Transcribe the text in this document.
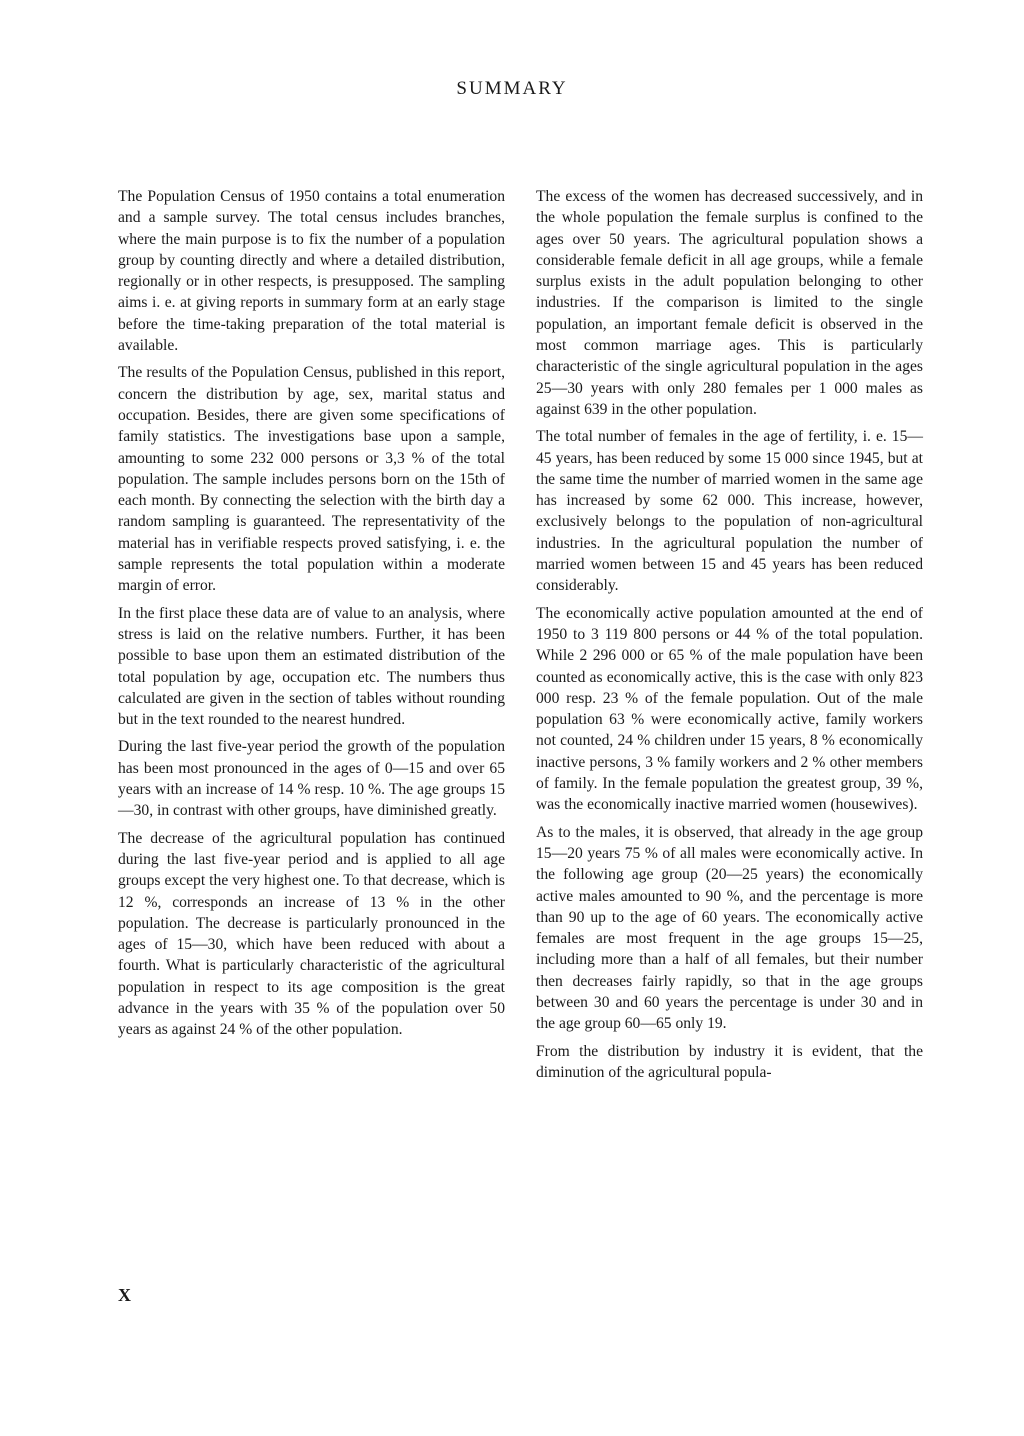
SUMMARY

The Population Census of 1950 contains a total enumeration and a sample survey. The total census includes branches, where the main purpose is to fix the number of a population group by counting directly and where a detailed distribution, regionally or in other respects, is presupposed. The sampling aims i. e. at giving reports in summary form at an early stage before the time-taking preparation of the total material is available.

The results of the Population Census, published in this report, concern the distribution by age, sex, marital status and occupation. Besides, there are given some specifications of family statistics. The investigations base upon a sample, amounting to some 232 000 persons or 3,3 % of the total population. The sample includes persons born on the 15th of each month. By connecting the selection with the birth day a random sampling is guaranteed. The representativity of the material has in verifiable respects proved satisfying, i. e. the sample represents the total population within a moderate margin of error.

In the first place these data are of value to an analysis, where stress is laid on the relative numbers. Further, it has been possible to base upon them an estimated distribution of the total population by age, occupation etc. The numbers thus calculated are given in the section of tables without rounding but in the text rounded to the nearest hundred.

During the last five-year period the growth of the population has been most pronounced in the ages of 0—15 and over 65 years with an increase of 14 % resp. 10 %. The age groups 15—30, in contrast with other groups, have diminished greatly.

The decrease of the agricultural population has continued during the last five-year period and is applied to all age groups except the very highest one. To that decrease, which is 12 %, corresponds an increase of 13 % in the other population. The decrease is particularly pronounced in the ages of 15—30, which have been reduced with about a fourth. What is particularly characteristic of the agricultural population in respect to its age composition is the great advance in the years with 35 % of the population over 50 years as against 24 % of the other population.

The excess of the women has decreased successively, and in the whole population the female surplus is confined to the ages over 50 years. The agricultural population shows a considerable female deficit in all age groups, while a female surplus exists in the adult population belonging to other industries. If the comparison is limited to the single population, an important female deficit is observed in the most common marriage ages. This is particularly characteristic of the single agricultural population in the ages 25—30 years with only 280 females per 1 000 males as against 639 in the other population.

The total number of females in the age of fertility, i. e. 15—45 years, has been reduced by some 15 000 since 1945, but at the same time the number of married women in the same age has increased by some 62 000. This increase, however, exclusively belongs to the population of non-agricultural industries. In the agricultural population the number of married women between 15 and 45 years has been reduced considerably.

The economically active population amounted at the end of 1950 to 3 119 800 persons or 44 % of the total population. While 2 296 000 or 65 % of the male population have been counted as economically active, this is the case with only 823 000 resp. 23 % of the female population. Out of the male population 63 % were economically active, family workers not counted, 24 % children under 15 years, 8 % economically inactive persons, 3 % family workers and 2 % other members of family. In the female population the greatest group, 39 %, was the economically inactive married women (housewives).

As to the males, it is observed, that already in the age group 15—20 years 75 % of all males were economically active. In the following age group (20—25 years) the economically active males amounted to 90 %, and the percentage is more than 90 up to the age of 60 years. The economically active females are most frequent in the age groups 15—25, including more than a half of all females, but their number then decreases fairly rapidly, so that in the age groups between 30 and 60 years the percentage is under 30 and in the age group 60—65 only 19.

From the distribution by industry it is evident, that the diminution of the agricultural popula-

X
